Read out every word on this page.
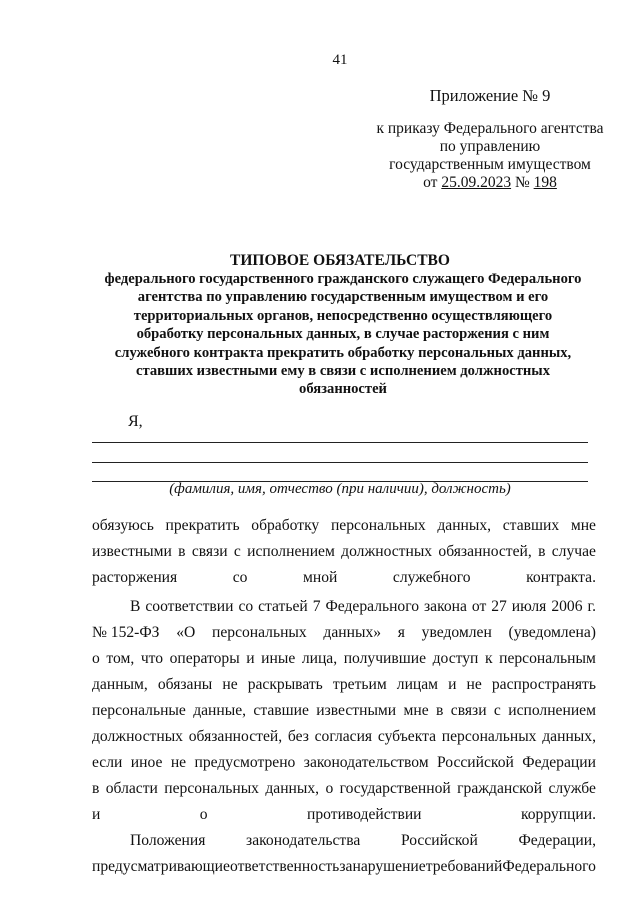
41
Приложение № 9
к приказу Федерального агентства
по управлению
государственным имуществом
от 25.09.2023 № 198
ТИПОВОЕ ОБЯЗАТЕЛЬСТВО
федерального государственного гражданского служащего Федерального
агентства по управлению государственным имуществом и его
территориальных органов, непосредственно осуществляющего
обработку персональных данных, в случае расторжения с ним
служебного контракта прекратить обработку персональных данных,
ставших известными ему в связи с исполнением должностных
обязанностей
Я,
(фамилия, имя, отчество (при наличии), должность)
обязуюсь прекратить обработку персональных данных, ставших мне
известными в связи с исполнением должностных обязанностей, в случае
расторжения со мной служебного контракта.
В соответствии со статьей 7 Федерального закона от 27 июля 2006 г.
№ 152-ФЗ «О персональных данных» я уведомлен (уведомлена)
о том, что операторы и иные лица, получившие доступ к персональным
данным, обязаны не раскрывать третьим лицам и не распространять
персональные данные, ставшие известными мне в связи с исполнением
должностных обязанностей, без согласия субъекта персональных данных,
если иное не предусмотрено законодательством Российской Федерации
в области персональных данных, о государственной гражданской службе
и о противодействии коррупции.
Положения	законодательства	Российской	Федерации,
предусматривающие ответственность за нарушение требований Федерального
